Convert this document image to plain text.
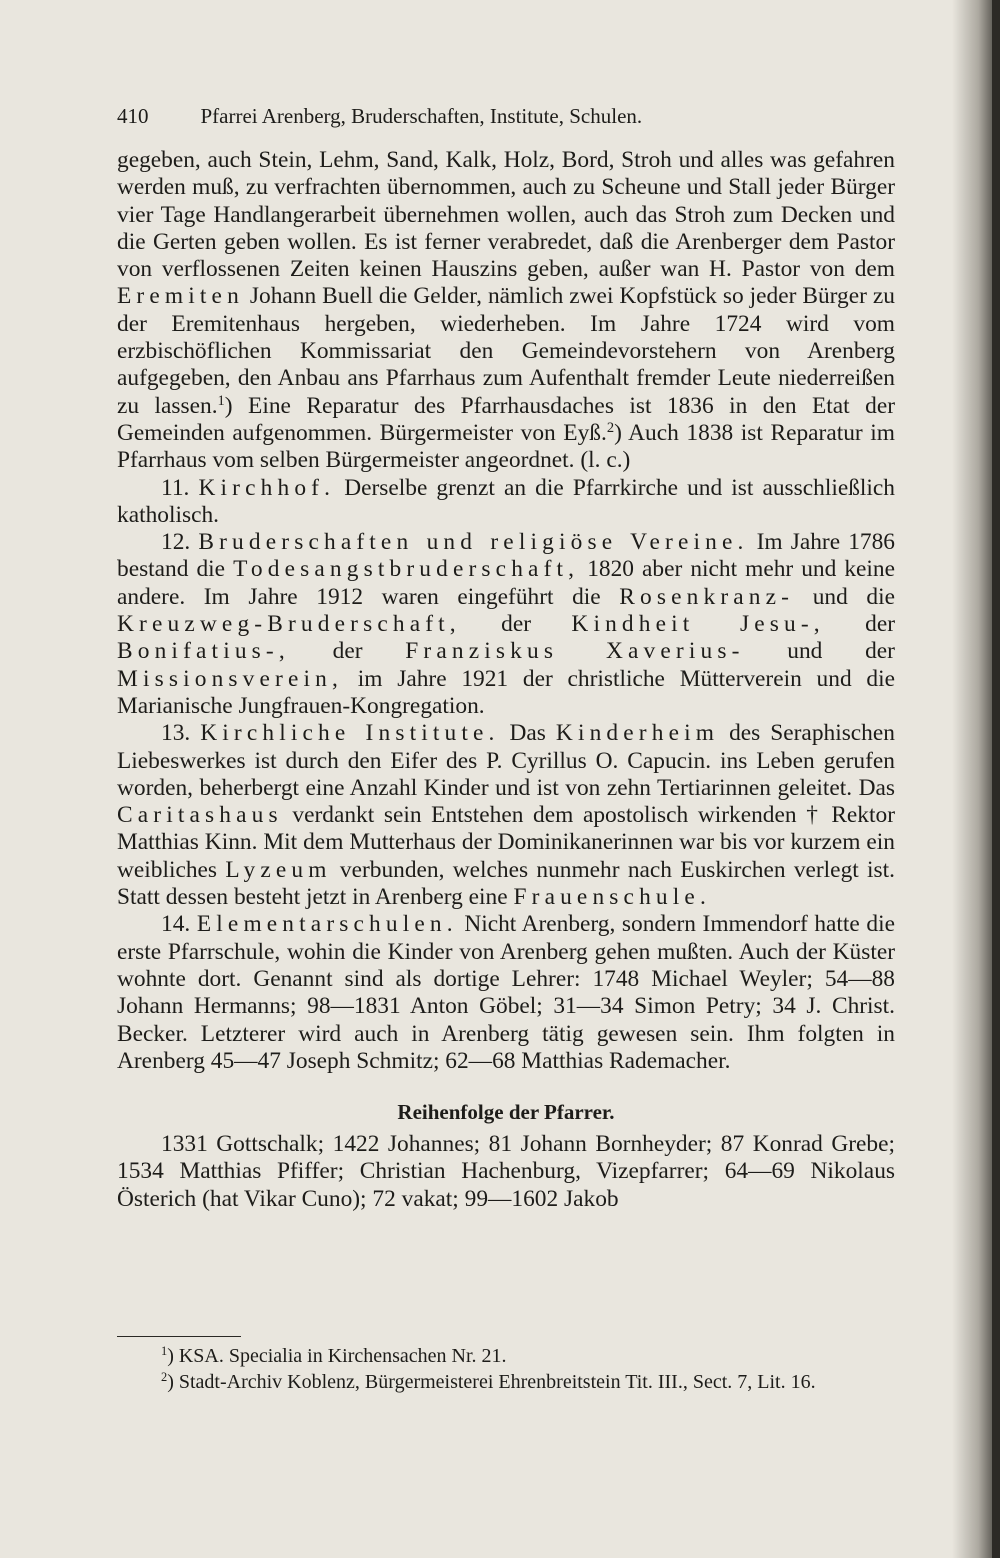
410 Pfarrei Arenberg, Bruderschaften, Institute, Schulen.

gegeben, auch Stein, Lehm, Sand, Kalk, Holz, Bord, Stroh und alles was gefahren werden muß, zu verfrachten übernommen, auch zu Scheune und Stall jeder Bürger vier Tage Handlangerarbeit übernehmen wollen, auch das Stroh zum Decken und die Gerten geben wollen. Es ist ferner verabredet, daß die Arenberger dem Pastor von verflossenen Zeiten keinen Hauszins geben, außer wan H. Pastor von dem Eremiten Johann Buell die Gelder, nämlich zwei Kopfstück so jeder Bürger zu der Eremitenhaus hergeben, wiederheben. Im Jahre 1724 wird vom erzbischöflichen Kommissariat den Gemeindevorstehern von Arenberg aufgegeben, den Anbau ans Pfarrhaus zum Aufenthalt fremder Leute niederreißen zu lassen.$^1$) Eine Reparatur des Pfarrhausdaches ist 1836 in den Etat der Gemeinden aufgenommen. Bürgermeister von Eyß.$^2$) Auch 1838 ist Reparatur im Pfarrhaus vom selben Bürgermeister angeordnet. (l. c.)

11. Kirchhof. Derselbe grenzt an die Pfarrkirche und ist ausschließlich katholisch.

12. Bruderschaften und religiöse Vereine. Im Jahre 1786 bestand die Todesangstbruderschaft, 1820 aber nicht mehr und keine andere. Im Jahre 1912 waren eingeführt die Rosenkranz- und die Kreuzweg-Bruderschaft, der Kindheit Jesu-, der Bonifatius-, der Franziskus Xaverius- und der Missionsverein, im Jahre 1921 der christliche Mütterverein und die Marianische Jungfrauen-Kongregation.

13. Kirchliche Institute. Das Kinderheim des Seraphischen Liebeswerkes ist durch den Eifer des P. Cyrillus O. Capucin. ins Leben gerufen worden, beherbergt eine Anzahl Kinder und ist von zehn Tertiarinnen geleitet. Das Caritashaus verdankt sein Entstehen dem apostolisch wirkenden † Rektor Matthias Kinn. Mit dem Mutterhaus der Dominikanerinnen war bis vor kurzem ein weibliches Lyzeum verbunden, welches nunmehr nach Euskirchen verlegt ist. Statt dessen besteht jetzt in Arenberg eine Frauenschule.

14. Elementarschulen. Nicht Arenberg, sondern Immendorf hatte die erste Pfarrschule, wohin die Kinder von Arenberg gehen mußten. Auch der Küster wohnte dort. Genannt sind als dortige Lehrer: 1748 Michael Weyler; 54—88 Johann Hermanns; 98—1831 Anton Göbel; 31—34 Simon Petry; 34 J. Christ. Becker. Letzterer wird auch in Arenberg tätig gewesen sein. Ihm folgten in Arenberg 45—47 Joseph Schmitz; 62—68 Matthias Rademacher.

Reihenfolge der Pfarrer.

1331 Gottschalk; 1422 Johannes; 81 Johann Bornheyder; 87 Konrad Grebe; 1534 Matthias Pfiffer; Christian Hachenburg, Vizepfarrer; 64—69 Nikolaus Österich (hat Vikar Cuno); 72 vakat; 99—1602 Jakob

$^1$) KSA. Specialia in Kirchensachen Nr. 21.

$^2$) Stadt-Archiv Koblenz, Bürgermeisterei Ehrenbreitstein Tit. III., Sect. 7, Lit. 16.
